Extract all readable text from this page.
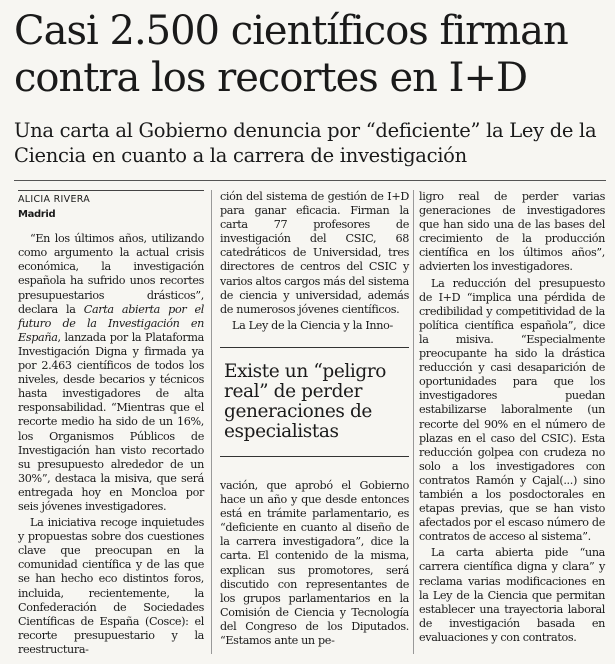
Casi 2.500 científicos firman contra los recortes en I+D
Una carta al Gobierno denuncia por “deficiente” la Ley de la Ciencia en cuanto a la carrera de investigación
ALICIA RIVERA
Madrid

“En los últimos años, utilizando como argumento la actual crisis económica, la investigación española ha sufrido unos recortes presupuestarios drásticos”, declara la Carta abierta por el futuro de la Investigación en España, lanzada por la Plataforma Investigación Digna y firmada ya por 2.463 científicos de todos los niveles, desde becarios y técnicos hasta investigadores de alta responsabilidad. “Mientras que el recorte medio ha sido de un 16%, los Organismos Públicos de Investigación han visto recortado su presupuesto alrededor de un 30%”, destaca la misiva, que será entregada hoy en Moncloa por seis jóvenes investigadores.

La iniciativa recoge inquietudes y propuestas sobre dos cuestiones clave que preocupan en la comunidad científica y de las que se han hecho eco distintos foros, incluida, recientemente, la Confederación de Sociedades Científicas de España (Cosce): el recorte presupuestario y la reestructura-

ción del sistema de gestión de I+D para ganar eficacia. Firman la carta 77 profesores de investigación del CSIC, 68 catedráticos de Universidad, tres directores de centros del CSIC y varios altos cargos más del sistema de ciencia y universidad, además de numerosos jóvenes científicos.

La Ley de la Ciencia y la Inno-

Existe un “peligro real” de perder generaciones de especialistas

vación, que aprobó el Gobierno hace un año y que desde entonces está en trámite parlamentario, es “deficiente en cuanto al diseño de la carrera investigadora”, dice la carta. El contenido de la misma, explican sus promotores, será discutido con representantes de los grupos parlamentarios en la Comisión de Ciencia y Tecnología del Congreso de los Diputados. “Estamos ante un pe-

ligro real de perder varias generaciones de investigadores que han sido una de las bases del crecimiento de la producción científica en los últimos años”, advierten los investigadores.

La reducción del presupuesto de I+D “implica una pérdida de credibilidad y competitividad de la política científica española”, dice la misiva. “Especialmente preocupante ha sido la drástica reducción y casi desaparición de oportunidades para que los investigadores puedan estabilizarse laboralmente (un recorte del 90% en el número de plazas en el caso del CSIC). Esta reducción golpea con crudeza no solo a los investigadores con contratos Ramón y Cajal(...) sino también a los posdoctorales en etapas previas, que se han visto afectados por el escaso número de contratos de acceso al sistema”.

La carta abierta pide “una carrera científica digna y clara” y reclama varias modificaciones en la Ley de la Ciencia que permitan establecer una trayectoria laboral de investigación basada en evaluaciones y con contratos.
